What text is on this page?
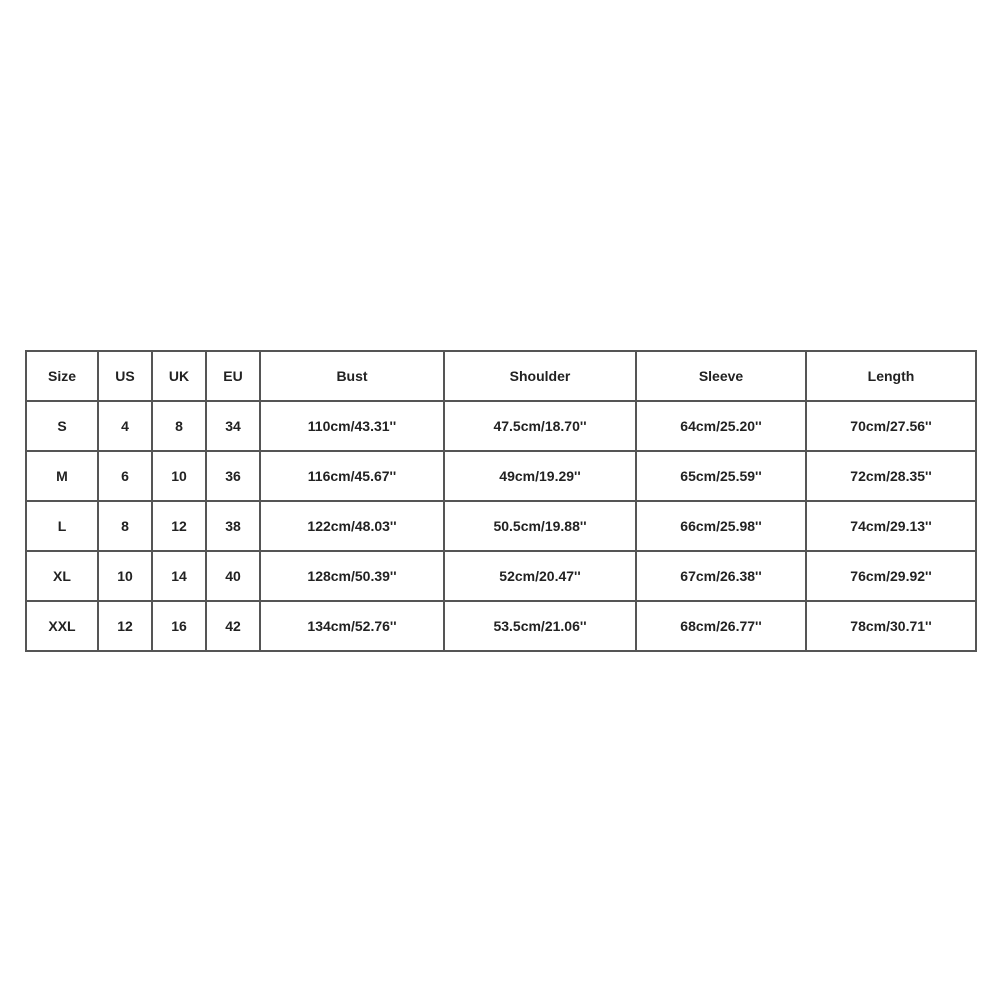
Size	US	UK	EU	Bust	Shoulder	Sleeve	Length
S	4	8	34	110cm/43.31''	47.5cm/18.70''	64cm/25.20''	70cm/27.56''
M	6	10	36	116cm/45.67''	49cm/19.29''	65cm/25.59''	72cm/28.35''
L	8	12	38	122cm/48.03''	50.5cm/19.88''	66cm/25.98''	74cm/29.13''
XL	10	14	40	128cm/50.39''	52cm/20.47''	67cm/26.38''	76cm/29.92''
XXL	12	16	42	134cm/52.76''	53.5cm/21.06''	68cm/26.77''	78cm/30.71''
